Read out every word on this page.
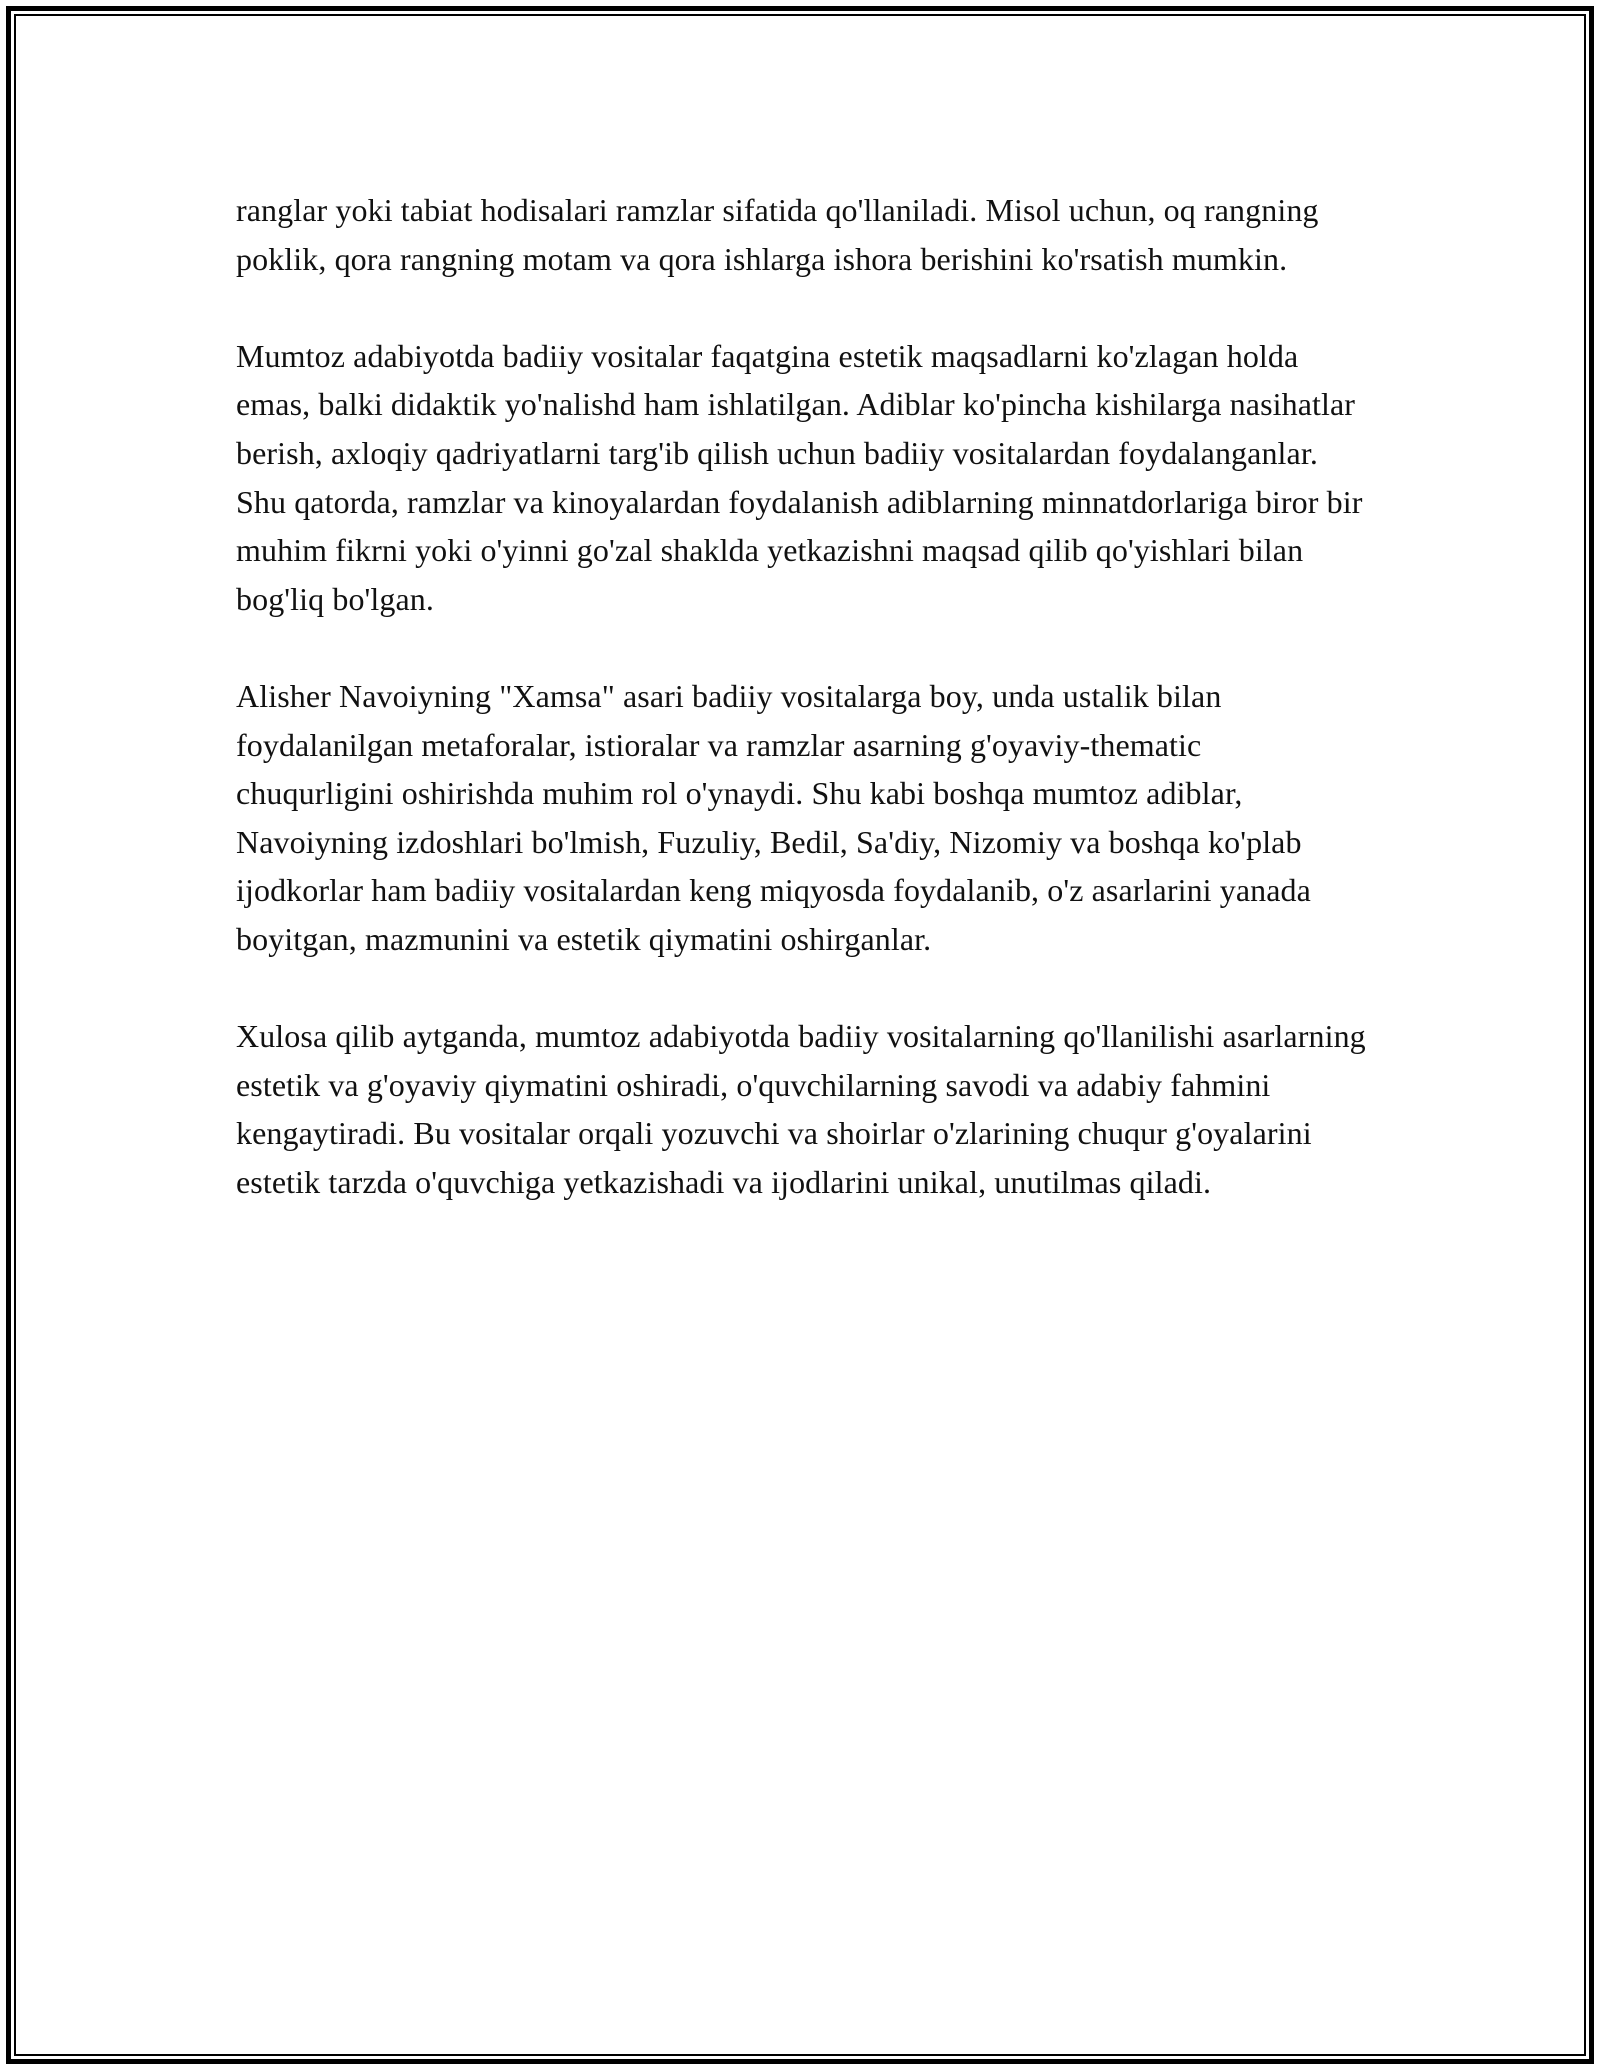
ranglar yoki tabiat hodisalari ramzlar sifatida qo'llaniladi. Misol uchun, oq rangning poklik, qora rangning motam va qora ishlarga ishora berishini ko'rsatish mumkin.

Mumtoz adabiyotda badiiy vositalar faqatgina estetik maqsadlarni ko'zlagan holda emas, balki didaktik yo'nalishd ham ishlatilgan. Adiblar ko'pincha kishilarga nasihatlar berish, axloqiy qadriyatlarni targ'ib qilish uchun badiiy vositalardan foydalanganlar. Shu qatorda, ramzlar va kinoyalardan foydalanish adiblarning minnatdorlariga biror bir muhim fikrni yoki o'yinni go'zal shaklda yetkazishni maqsad qilib qo'yishlari bilan bog'liq bo'lgan.

Alisher Navoiyning "Xamsa" asari badiiy vositalarga boy, unda ustalik bilan foydalanilgan metaforalar, istioralar va ramzlar asarning g'oyaviy-thematic chuqurligini oshirishda muhim rol o'ynaydi. Shu kabi boshqa mumtoz adiblar, Navoiyning izdoshlari bo'lmish, Fuzuliy, Bedil, Sa'diy, Nizomiy va boshqa ko'plab ijodkorlar ham badiiy vositalardan keng miqyosda foydalanib, o'z asarlarini yanada boyitgan, mazmunini va estetik qiymatini oshirganlar.

Xulosa qilib aytganda, mumtoz adabiyotda badiiy vositalarning qo'llanilishi asarlarning estetik va g'oyaviy qiymatini oshiradi, o'quvchilarning savodi va adabiy fahmini kengaytiradi. Bu vositalar orqali yozuvchi va shoirlar o'zlarining chuqur g'oyalarini estetik tarzda o'quvchiga yetkazishadi va ijodlarini unikal, unutilmas qiladi.
